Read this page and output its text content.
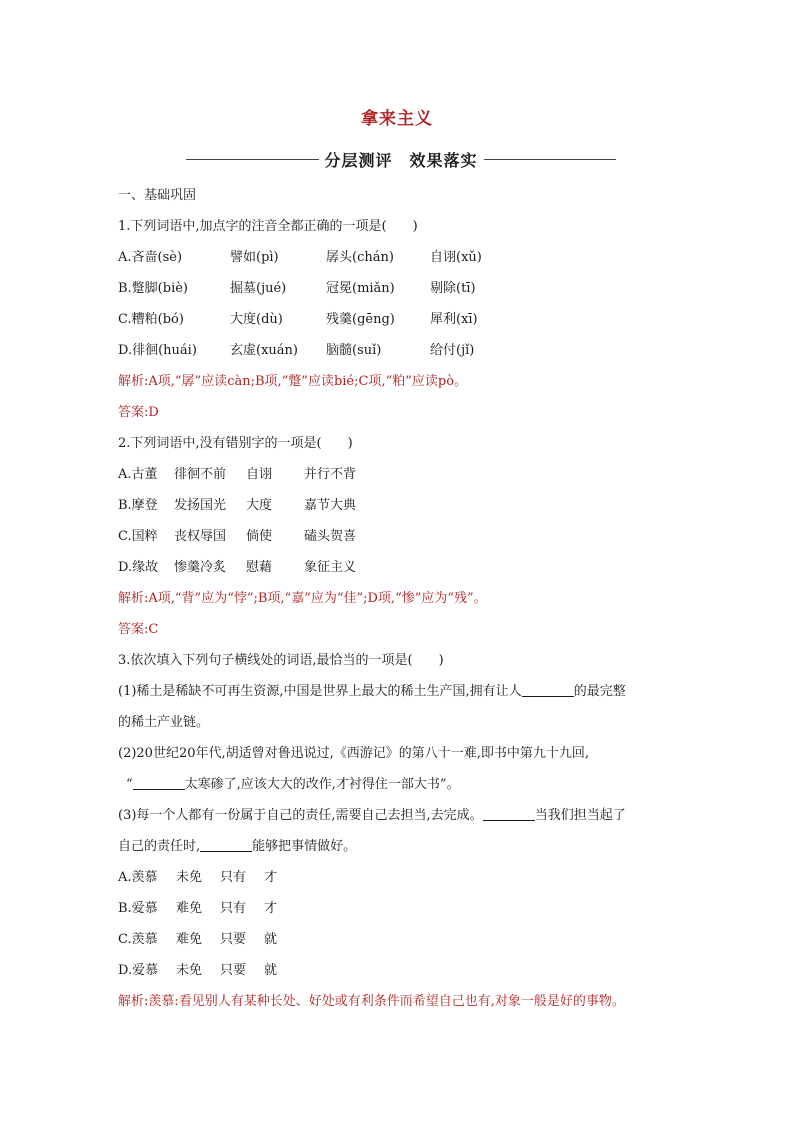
拿来主义
分层测评　效果落实
一、基础巩固
1.下列词语中,加点字的注音全都正确的一项是(　　)
A.吝啬(sè)	譬如(pì)	孱头(chán)	自诩(xǔ)
B.蹩脚(biè)	掘墓(jué)	冠冕(miǎn)	剔除(tī)
C.糟粕(bó)	大度(dù)	残羹(gēng)	犀利(xī)
D.徘徊(huái)	玄虚(xuán) 脑髓(suǐ)	给付(jǐ)
解析:A项,“孱”应读càn;B项,“蹩”应读bié;C项,“粕”应读pò。
答案:D
2.下列词语中,没有错别字的一项是(　　)
A.古董 徘徊不前 自诩 并行不背
B.摩登 发扬国光 大度 嘉节大典
C.国粹 丧权辱国 倘使 磕头贺喜
D.缘故 惨羹冷炙 慰藉 象征主义
解析:A项,“背”应为“悖”;B项,“嘉”应为“佳”;D项,“惨”应为“残”。
答案:C
3.依次填入下列句子横线处的词语,最恰当的一项是(　　)
(1)稀土是稀缺不可再生资源,中国是世界上最大的稀土生产国,拥有让人	的最完整
的稀土产业链。
(2)20世纪20年代,胡适曾对鲁迅说过,《西游记》的第八十一难,即书中第九十九回,
“	太寒碜了,应该大大的改作,才衬得住一部大书”。
(3)每一个人都有一份属于自己的责任,需要自己去担当,去完成。	当我们担当起了
自己的责任时,	能够把事情做好。
A.羡慕 未免 只有 才
B.爱慕 难免 只有 才
C.羡慕 难免 只要 就
D.爱慕 未免 只要 就
解析:羡慕:看见别人有某种长处、好处或有利条件而希望自己也有,对象一般是好的事物。
